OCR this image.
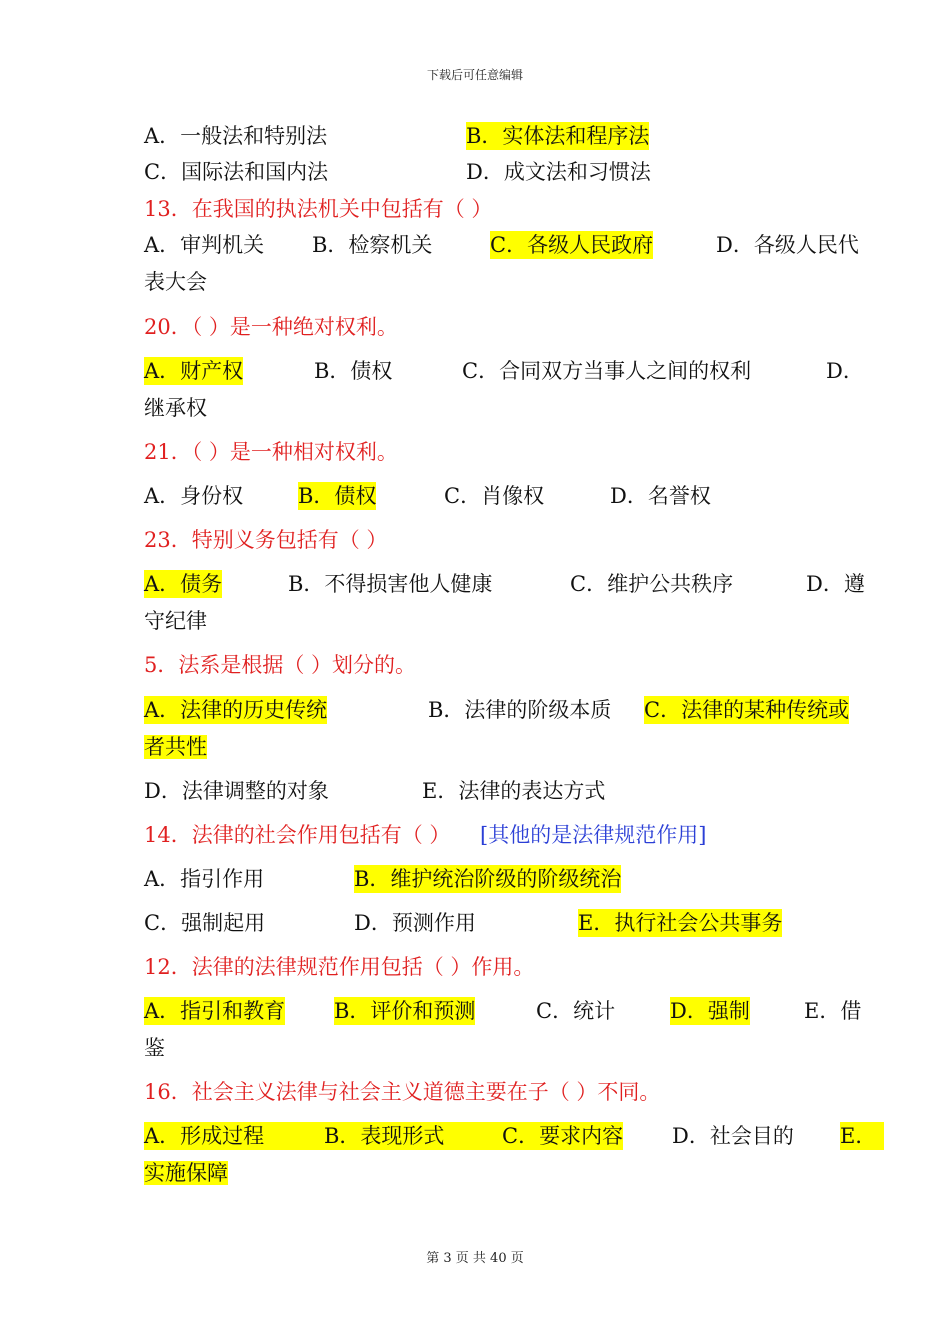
下载后可任意编辑
A．一般法和特别法	B．实体法和程序法
C．国际法和国内法	D．成文法和习惯法
13．在我国的执法机关中包括有（ ）
A．审判机关 B．检察机关	C．各级人民政府	D．各级人民代
表大会
20．（ ）是一种绝对权利。
A．财产权	B．债权	C．合同双方当事人之间的权利	D．
继承权
21．（ ）是一种相对权利。
A．身份权	B．债权	C．肖像权	D．名誉权
23．特别义务包括有（ ）
A．债务	B．不得损害他人健康	C．维护公共秩序	D．遵
守纪律
5．法系是根据（ ）划分的。
A．法律的历史传统	B．法律的阶级本质 C．法律的某种传统或
者共性
D．法律调整的对象	E．法律的表达方式
14．法律的社会作用包括有（ ） [其他的是法律规范作用]
A．指引作用	B．维护统治阶级的阶级统治
C．强制起用	D．预测作用	E．执行社会公共事务
12．法律的法律规范作用包括（ ）作用。
A．指引和教育 B．评价和预测	C．统计	D．强制	E．借
鉴
16．社会主义法律与社会主义道德主要在子（ ）不同。
A．形成过程	B．表现形式	C．要求内容 D．社会目的 E．
实施保障
第 3 页 共 40 页
